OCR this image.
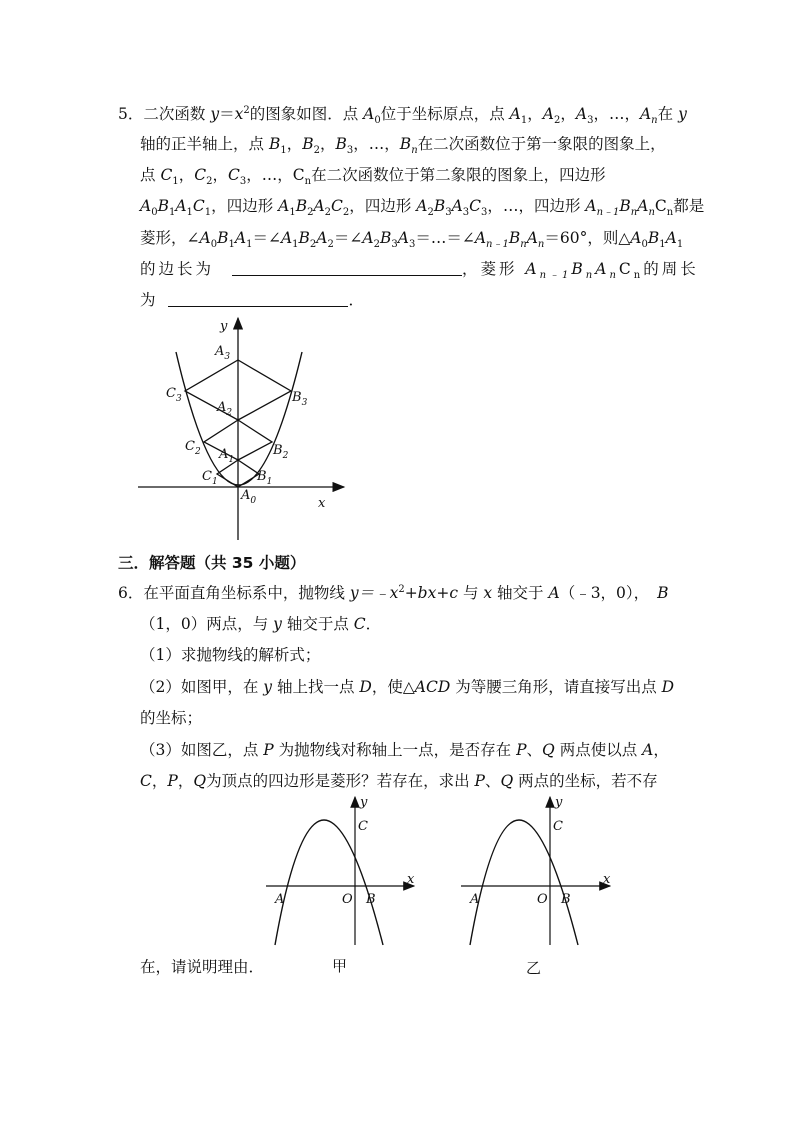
5．二次函数 $y=x^2$的图象如图．点 $A_0$位于坐标原点，点 $A_1$，$A_2$，$A_3$，…，$A_n$在 y
轴的正半轴上，点 $B_1$，$B_2$，$B_3$，…，$B_n$在二次函数位于第一象限的图象上，
点 $C_1$，$C_2$，$C_3$，…，$C_n$在二次函数位于第二象限的图象上，四边形
$A_0B_1A_1C_1$，四边形 $A_1B_2A_2C_2$，四边形 $A_2B_3A_3C_3$，…，四边形 $A_{n﹣1}B_nA_nC_n$都是
菱形，$\angle A_0B_1A_1=\angle A_1B_2A_2=\angle A_2B_3A_3=\dots=\angle A_{n﹣1}B_nA_n=60^\circ$，则$\triangle A_0B_1A_1$
的边长为	，菱形 $A_{n﹣1}B_nA_nC_n$的周长
为	．
y
x
$A_3$
$A_2$
$A_1$
$A_0$
$B_3$
$B_2$
$B_1$
$C_3$
$C_2$
$C_1$
y
x
C
A	O B
y
x
C
A	O B
三．解答题（共 35 小题）
6．在平面直角坐标系中，抛物线 $y=﹣x^2+bx+c$ 与 x 轴交于 A（﹣3，0）， B
（1，0）两点，与 y 轴交于点 C．
（1）求抛物线的解析式；
（2）如图甲，在 y 轴上找一点 D，使△ACD 为等腰三角形，请直接写出点 D
的坐标；
（3）如图乙，点 P 为抛物线对称轴上一点，是否存在 P、Q 两点使以点 A，
C，P，Q为顶点的四边形是菱形？若存在，求出 P、Q 两点的坐标，若不存
在，请说明理由．	甲	乙
